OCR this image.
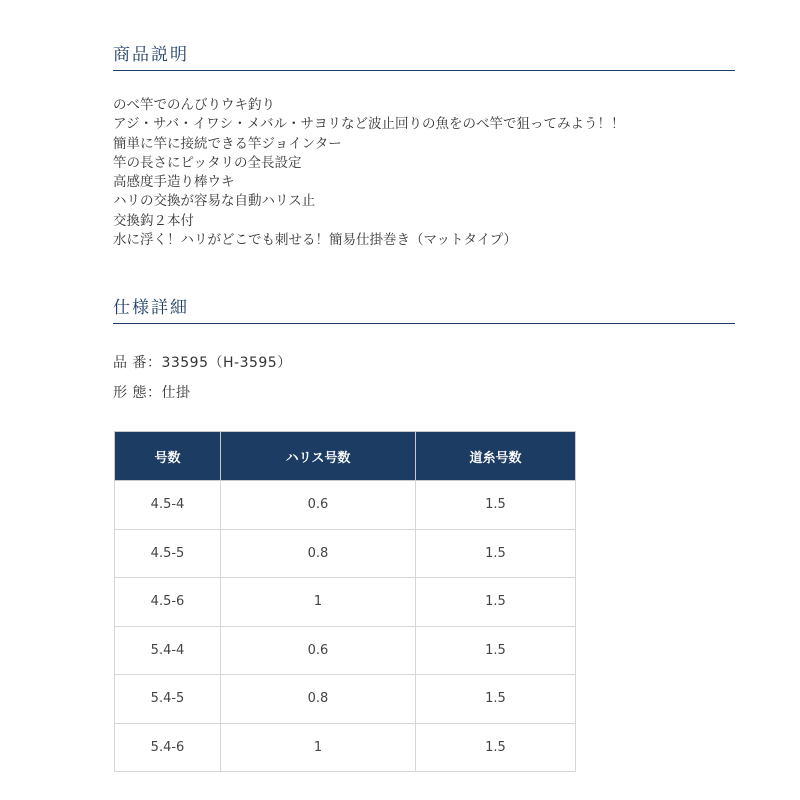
商品説明
のべ竿でのんびりウキ釣り
アジ・サバ・イワシ・メバル・サヨリなど波止回りの魚をのべ竿で狙ってみよう！！
簡単に竿に接続できる竿ジョインター
竿の長さにピッタリの全長設定
高感度手造り棒ウキ
ハリの交換が容易な自動ハリス止
交換鈎２本付
水に浮く！ハリがどこでも刺せる！簡易仕掛巻き（マットタイプ）
仕様詳細
品 番：33595（H-3595）
形 態：仕掛
号数	ハリス号数	道糸号数
4.5-4	0.6	1.5
4.5-5	0.8	1.5
4.5-6	1	1.5
5.4-4	0.6	1.5
5.4-5	0.8	1.5
5.4-6	1	1.5
